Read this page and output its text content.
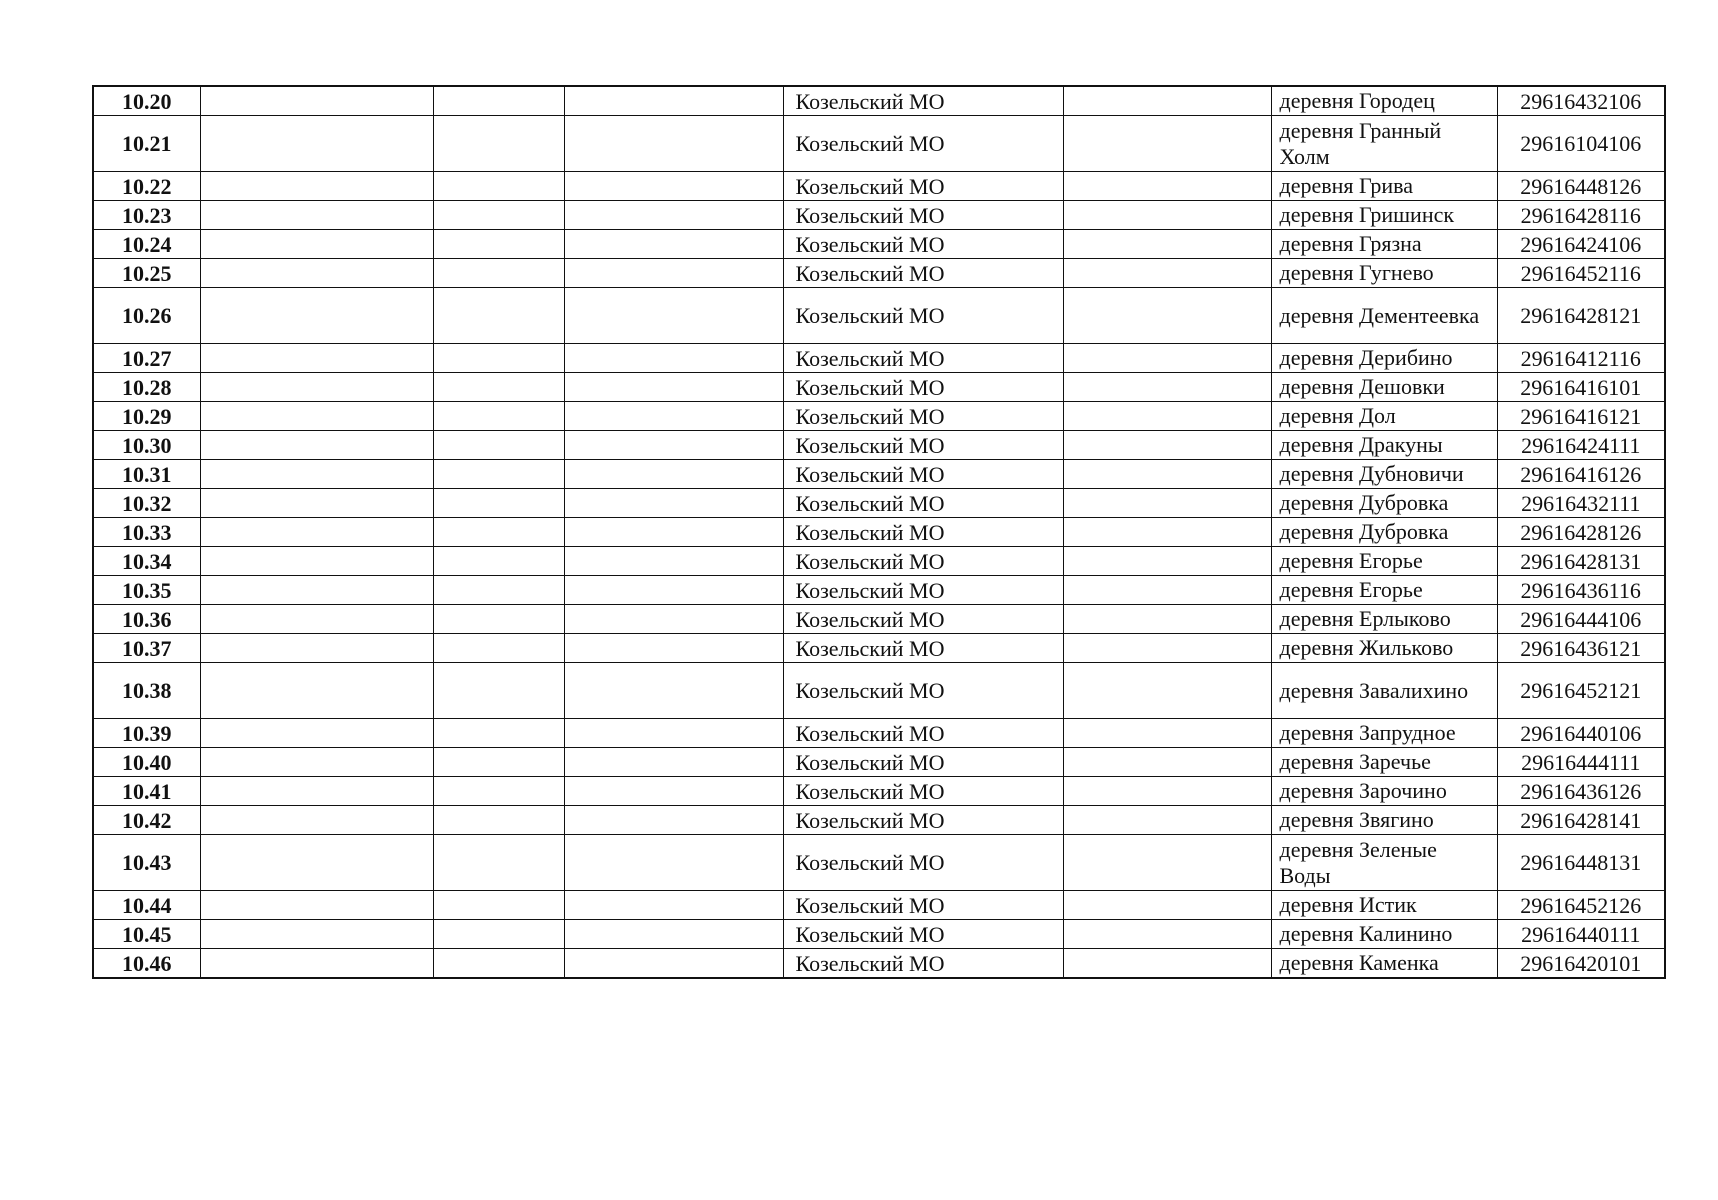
10.20				Козельский МО		деревня Городец	29616432106
10.21				Козельский МО		деревня Гранный Холм	29616104106
10.22				Козельский МО		деревня Грива	29616448126
10.23				Козельский МО		деревня Гришинск	29616428116
10.24				Козельский МО		деревня Грязна	29616424106
10.25				Козельский МО		деревня Гугнево	29616452116
10.26				Козельский МО		деревня Дементеевка	29616428121
10.27				Козельский МО		деревня Дерибино	29616412116
10.28				Козельский МО		деревня Дешовки	29616416101
10.29				Козельский МО		деревня Дол	29616416121
10.30				Козельский МО		деревня Дракуны	29616424111
10.31				Козельский МО		деревня Дубновичи	29616416126
10.32				Козельский МО		деревня Дубровка	29616432111
10.33				Козельский МО		деревня Дубровка	29616428126
10.34				Козельский МО		деревня Егорье	29616428131
10.35				Козельский МО		деревня Егорье	29616436116
10.36				Козельский МО		деревня Ерлыково	29616444106
10.37				Козельский МО		деревня Жильково	29616436121
10.38				Козельский МО		деревня Завалихино	29616452121
10.39				Козельский МО		деревня Запрудное	29616440106
10.40				Козельский МО		деревня Заречье	29616444111
10.41				Козельский МО		деревня Зарочино	29616436126
10.42				Козельский МО		деревня Звягино	29616428141
10.43				Козельский МО		деревня Зеленые Воды	29616448131
10.44				Козельский МО		деревня Истик	29616452126
10.45				Козельский МО		деревня Калинино	29616440111
10.46				Козельский МО		деревня Каменка	29616420101
